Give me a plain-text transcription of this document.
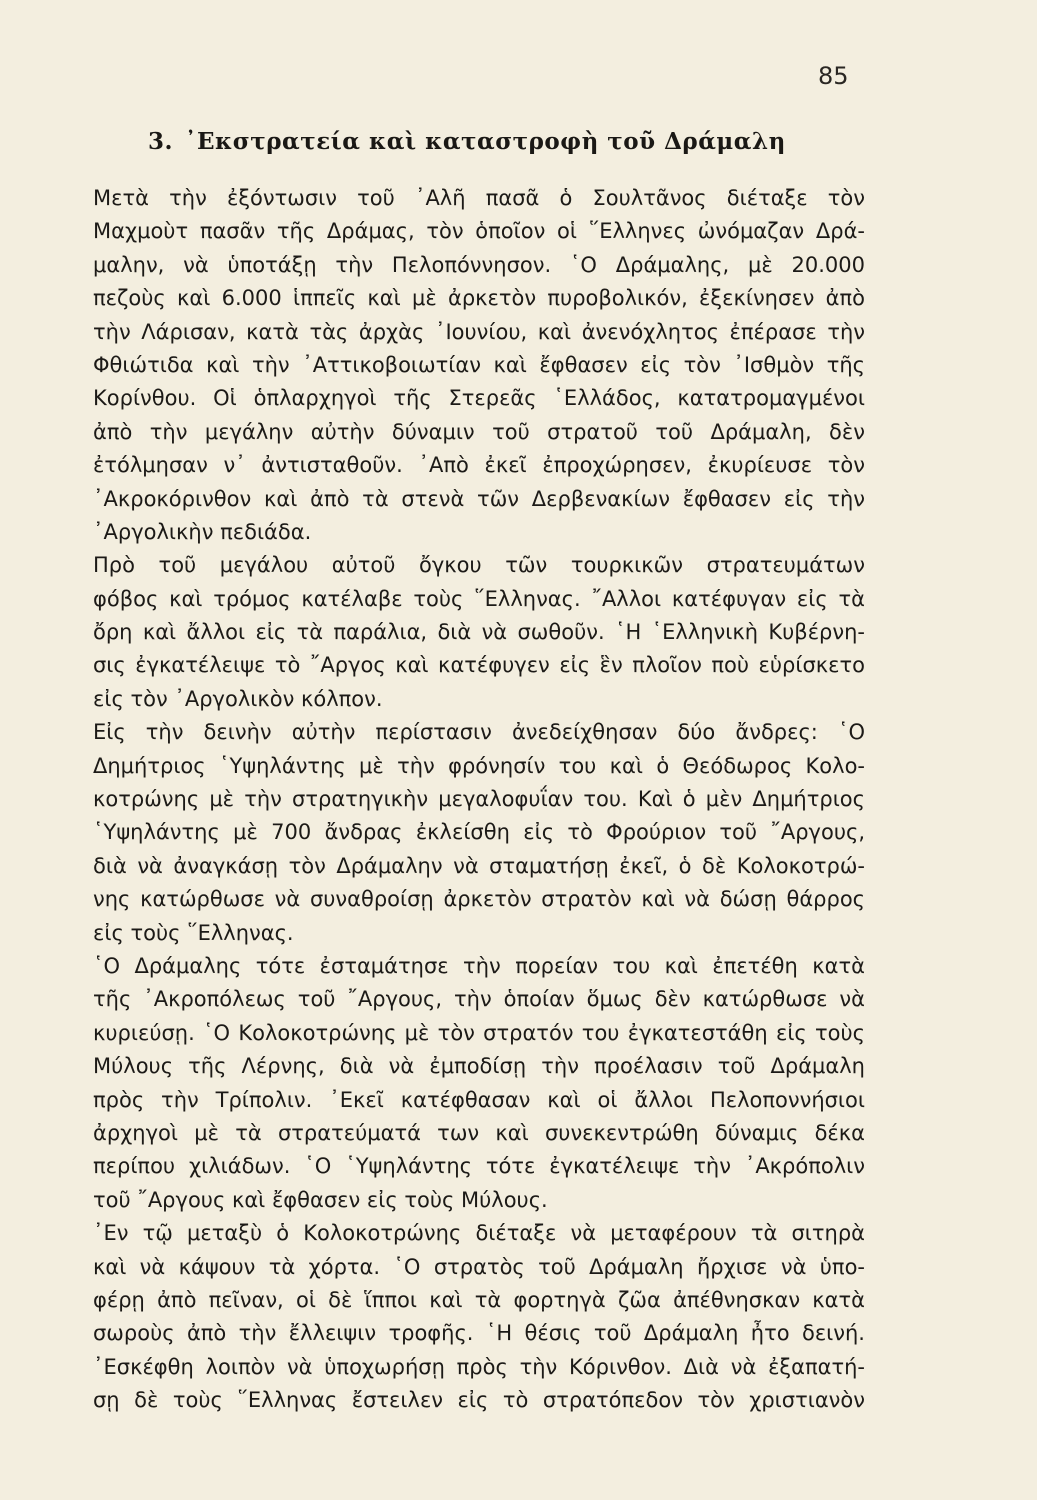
85
3. ᾿Εκστρατεία καὶ καταστροφὴ τοῦ Δράμαλη
Μετὰ τὴν ἐξόντωσιν τοῦ ᾿Αλῆ πασᾶ ὁ Σουλτᾶνος διέταξε τὸν
Μαχμοὺτ πασᾶν τῆς Δράμας, τὸν ὁποῖον οἱ ῞Ελληνες ὠνόμαζαν Δρά-
μαλην, νὰ ὑποτάξῃ τὴν Πελοπόννησον. ῾Ο Δράμαλης, μὲ 20.000
πεζοὺς καὶ 6.000 ἱππεῖς καὶ μὲ ἀρκετὸν πυροβολικόν, ἐξεκίνησεν ἀπὸ
τὴν Λάρισαν, κατὰ τὰς ἀρχὰς ᾿Ιουνίου, καὶ ἀνενόχλητος ἐπέρασε τὴν
Φθιώτιδα καὶ τὴν ᾿Αττικοβοιωτίαν καὶ ἔφθασεν εἰς τὸν ᾿Ισθμὸν τῆς
Κορίνθου. Οἱ ὁπλαρχηγοὶ τῆς Στερεᾶς ῾Ελλάδος, κατατρομαγμένοι
ἀπὸ τὴν μεγάλην αὐτὴν δύναμιν τοῦ στρατοῦ τοῦ Δράμαλη, δὲν
ἐτόλμησαν ν᾿ ἀντισταθοῦν. ᾿Απὸ ἐκεῖ ἐπροχώρησεν, ἐκυρίευσε τὸν
᾿Ακροκόρινθον καὶ ἀπὸ τὰ στενὰ τῶν Δερβενακίων ἔφθασεν εἰς τὴν
᾿Αργολικὴν πεδιάδα.
Πρὸ τοῦ μεγάλου αὐτοῦ ὄγκου τῶν τουρκικῶν στρατευμάτων
φόβος καὶ τρόμος κατέλαβε τοὺς ῞Ελληνας. ῎Αλλοι κατέφυγαν εἰς τὰ
ὄρη καὶ ἄλλοι εἰς τὰ παράλια, διὰ νὰ σωθοῦν. ῾Η ῾Ελληνικὴ Κυβέρνη-
σις ἐγκατέλειψε τὸ ῎Αργος καὶ κατέφυγεν εἰς ἓν πλοῖον ποὺ εὑρίσκετο
εἰς τὸν ᾿Αργολικὸν κόλπον.
Εἰς τὴν δεινὴν αὐτὴν περίστασιν ἀνεδείχθησαν δύο ἄνδρες: ῾Ο
Δημήτριος ῾Υψηλάντης μὲ τὴν φρόνησίν του καὶ ὁ Θεόδωρος Κολο-
κοτρώνης μὲ τὴν στρατηγικὴν μεγαλοφυΐαν του. Καὶ ὁ μὲν Δημήτριος
῾Υψηλάντης μὲ 700 ἄνδρας ἐκλείσθη εἰς τὸ Φρούριον τοῦ ῎Αργους,
διὰ νὰ ἀναγκάσῃ τὸν Δράμαλην νὰ σταματήσῃ ἐκεῖ, ὁ δὲ Κολοκοτρώ-
νης κατώρθωσε νὰ συναθροίσῃ ἀρκετὸν στρατὸν καὶ νὰ δώσῃ θάρρος
εἰς τοὺς ῞Ελληνας.
῾Ο Δράμαλης τότε ἐσταμάτησε τὴν πορείαν του καὶ ἐπετέθη κατὰ
τῆς ᾿Ακροπόλεως τοῦ ῎Αργους, τὴν ὁποίαν ὅμως δὲν κατώρθωσε νὰ
κυριεύσῃ. ῾Ο Κολοκοτρώνης μὲ τὸν στρατόν του ἐγκατεστάθη εἰς τοὺς
Μύλους τῆς Λέρνης, διὰ νὰ ἐμποδίσῃ τὴν προέλασιν τοῦ Δράμαλη
πρὸς τὴν Τρίπολιν. ᾿Εκεῖ κατέφθασαν καὶ οἱ ἄλλοι Πελοποννήσιοι
ἀρχηγοὶ μὲ τὰ στρατεύματά των καὶ συνεκεντρώθη δύναμις δέκα
περίπου χιλιάδων. ῾Ο ῾Υψηλάντης τότε ἐγκατέλειψε τὴν ᾿Ακρόπολιν
τοῦ ῎Αργους καὶ ἔφθασεν εἰς τοὺς Μύλους.
᾿Εν τῷ μεταξὺ ὁ Κολοκοτρώνης διέταξε νὰ μεταφέρουν τὰ σιτηρὰ
καὶ νὰ κάψουν τὰ χόρτα. ῾Ο στρατὸς τοῦ Δράμαλη ἤρχισε νὰ ὑπο-
φέρῃ ἀπὸ πεῖναν, οἱ δὲ ἵπποι καὶ τὰ φορτηγὰ ζῶα ἀπέθνησκαν κατὰ
σωροὺς ἀπὸ τὴν ἔλλειψιν τροφῆς. ῾Η θέσις τοῦ Δράμαλη ἦτο δεινή.
᾿Εσκέφθη λοιπὸν νὰ ὑποχωρήσῃ πρὸς τὴν Κόρινθον. Διὰ νὰ ἐξαπατή-
σῃ δὲ τοὺς ῞Ελληνας ἔστειλεν εἰς τὸ στρατόπεδον τὸν χριστιανὸν
